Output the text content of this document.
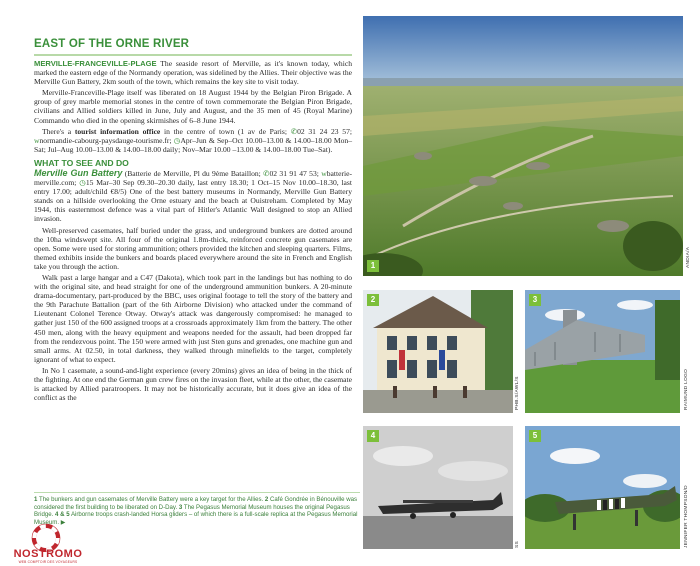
EAST OF THE ORNE RIVER

MERVILLE-FRANCEVILLE-PLAGE The seaside resort of Merville, as it's known today, which marked the eastern edge of the Normandy operation, was sidelined by the Allies. Their objective was the Merville Gun Battery, 2km south of the town, which remains the key site to visit today.

Merville-Franceville-Plage itself was liberated on 18 August 1944 by the Belgian Piron Brigade. A group of grey marble memorial stones in the centre of town commemorate the Belgian Piron Brigade, civilians and Allied soldiers killed in June, July and August, and the 35 men of 45 (Royal Marine) Commando who died in the opening skirmishes of 6–8 June 1944.

There's a tourist information office in the centre of town (1 av de Paris; ✆02 31 24 23 57; wnormandie-cabourg-paysdauge-tourisme.fr; ◷Apr–Jun & Sep–Oct 10.00–13.00 & 14.00–18.00 Mon–Sat; Jul–Aug 10.00–13.00 & 14.00–18.00 daily; Nov–Mar 10.00 –13.00 & 14.00–18.00 Tue–Sat).

WHAT TO SEE AND DO

Merville Gun Battery (Batterie de Merville, Pl du 9ème Bataillon; ✆02 31 91 47 53; wbatterie-merville.com; ◷15 Mar–30 Sep 09.30–20.30 daily, last entry 18.30; 1 Oct–15 Nov 10.00–18.30, last entry 17.00; adult/child €8/5) One of the best battery museums in Normandy, Merville Gun Battery stands on a hillside overlooking the Orne estuary and the beach at Ouistreham. Completed by May 1944, this easternmost defence was a vital part of Hitler's Atlantic Wall designed to stop an Allied invasion.

Well-preserved casemates, half buried under the grass, and underground bunkers are dotted around the 10ha windswept site. All four of the original 1.8m-thick, reinforced concrete gun casemates are open. Some were used for storing ammunition; others provided the kitchen and sleeping quarters. Films, themed exhibits inside the bunkers and boards placed everywhere around the site in French and English take you through the action.

Walk past a large hangar and a C47 (Dakota), which took part in the landings but has nothing to do with the original site, and head straight for one of the underground ammunition bunkers. A 20-minute drama-documentary, part-produced by the BBC, uses original footage to tell the story of the battery and the 9th Parachute Battalion (part of the 6th Airborne Division) who attacked under the command of Lieutenant Colonel Terence Otway. Otway's attack was dangerously compromised: he managed to gather just 150 of the 600 assigned troops at a crossroads approximately 1km from the battery. The other 450 men, along with the heavy equipment and weapons needed for the assault, had been dropped far from the rendezvous point. The 150 were armed with just Sten guns and grenades, one machine gun and small arms. At 02.50, in total darkness, they walked through minefields to the target, completely ignorant of what to expect.

In No 1 casemate, a sound-and-light experience (every 20mins) gives an idea of being in the thick of the fighting. At one end the German gun crew fires on the invasion fleet, while at the other, the casemate is attacked by Allied paratroopers. It may not be historically accurate, but it does give an idea of the conflict as the

1 The bunkers and gun casemates of Merville Battery were a key target for the Allies. 2 Café Gondrée in Bénouville was considered the first building to be liberated on D-Day. 3 The Pegasus Memorial Museum houses the original Pegasus Bridge. 4 & 5 Airborne troops crash-landed Horsa gliders – of which there is a full-scale replica at the Pegasus Memorial Museum. ▶
1	ANDIA/A
2
PHB.S/AWL/S
3
RAIMUND LOGO
4
SS
5
JENNIFER THOMPSON/D
NOSTROMO
WEB COMPTOIR DES VOYAGEURS
